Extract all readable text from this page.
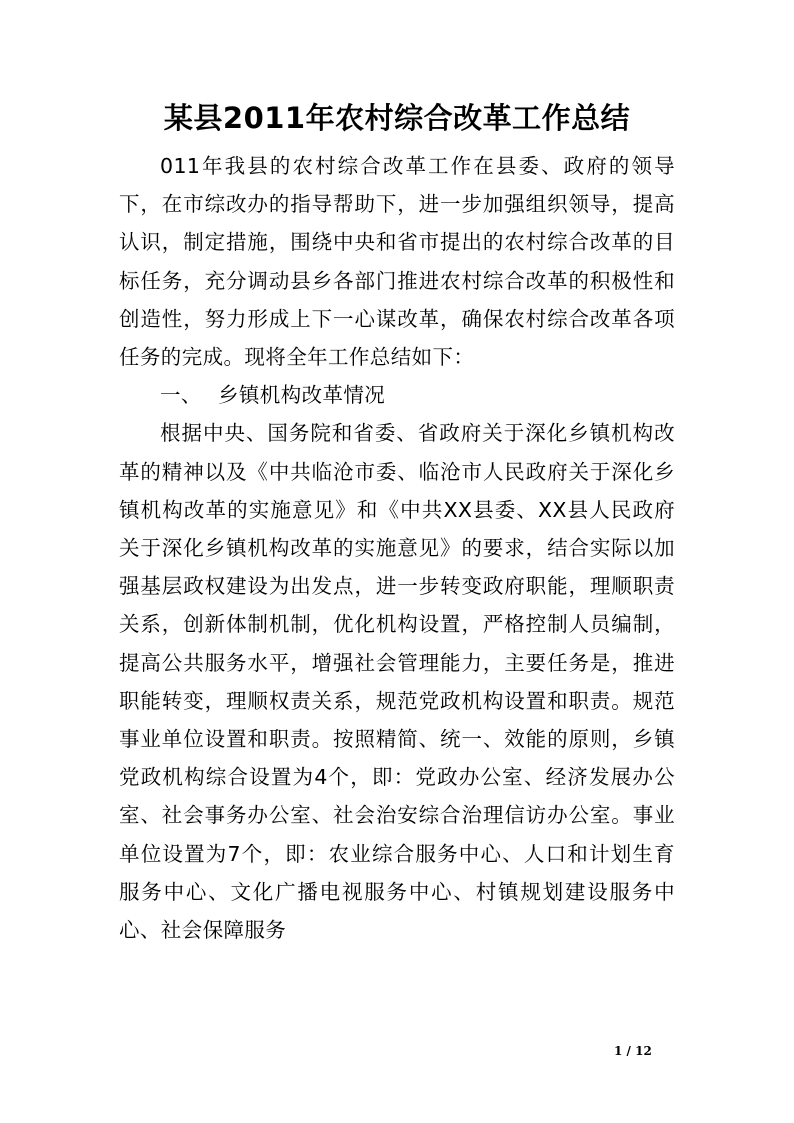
某县2011年农村综合改革工作总结

011年我县的农村综合改革工作在县委、政府的领导下，在市综改办的指导帮助下，进一步加强组织领导，提高认识，制定措施，围绕中央和省市提出的农村综合改革的目标任务，充分调动县乡各部门推进农村综合改革的积极性和创造性，努力形成上下一心谋改革，确保农村综合改革各项任务的完成。现将全年工作总结如下：

一、 乡镇机构改革情况

根据中央、国务院和省委、省政府关于深化乡镇机构改革的精神以及《中共临沧市委、临沧市人民政府关于深化乡镇机构改革的实施意见》和《中共XX县委、XX县人民政府关于深化乡镇机构改革的实施意见》的要求，结合实际以加强基层政权建设为出发点，进一步转变政府职能，理顺职责关系，创新体制机制，优化机构设置，严格控制人员编制，提高公共服务水平，增强社会管理能力，主要任务是，推进职能转变，理顺权责关系，规范党政机构设置和职责。规范事业单位设置和职责。按照精简、统一、效能的原则，乡镇党政机构综合设置为4个，即：党政办公室、经济发展办公室、社会事务办公室、社会治安综合治理信访办公室。事业单位设置为7个，即：农业综合服务中心、人口和计划生育服务中心、文化广播电视服务中心、村镇规划建设服务中心、社会保障服务

1 / 12
